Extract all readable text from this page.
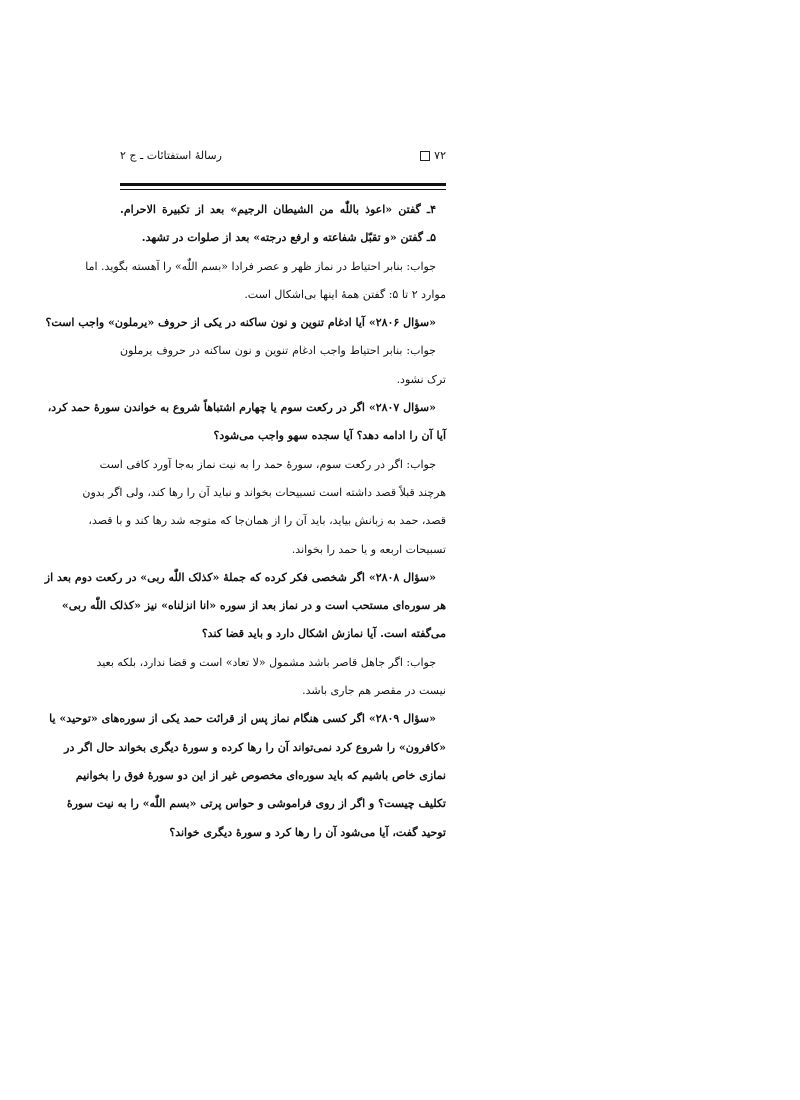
۷۲
رسالهٔ استفتائات ـ ج ۲
۴ـ گفتن «اعوذ باللّٰه من الشیطان الرجیم» بعد از تکبیرة الاحرام.
۵ـ گفتن «و تقبّل شفاعته و ارفع درجته» بعد از صلوات در تشهد.
جواب: بنابر احتیاط در نماز ظهر و عصر فرادا «بسم اللّٰه» را آهسته بگوید. اما
موارد ۲ تا ۵: گفتن همهٔ اینها بی‌اشکال است.
«سؤال ۲۸۰۶» آیا ادغام تنوین و نون ساکنه در یکی از حروف «یرملون» واجب است؟
جواب: بنابر احتیاط واجب ادغام تنوین و نون ساکنه در حروف یرملون
ترک نشود.
«سؤال ۲۸۰۷» اگر در رکعت سوم یا چهارم اشتباهاً شروع به خواندن سورهٔ حمد کرد،
آیا آن را ادامه دهد؟ آیا سجده سهو واجب می‌شود؟
جواب: اگر در رکعت سوم، سورهٔ حمد را به نیت نماز به‌جا آورد کافی است
هرچند قبلاً قصد داشته است تسبیحات بخواند و نباید آن را رها کند، ولی اگر بدون
قصد، حمد به زبانش بیاید، باید آن را از همان‌جا که متوجه شد رها کند و با قصد،
تسبیحات اربعه و یا حمد را بخواند.
«سؤال ۲۸۰۸» اگر شخصی فکر کرده که جملهٔ «کذلک اللّٰه ربی» در رکعت دوم بعد از
هر سوره‌ای مستحب است و در نماز بعد از سوره «انا انزلناه» نیز «کذلک اللّٰه ربی»
می‌گفته است. آیا نمازش اشکال دارد و باید قضا کند؟
جواب: اگر جاهل قاصر باشد مشمول «لا تعاد» است و قضا ندارد، بلکه بعید
نیست در مقصر هم جاری باشد.
«سؤال ۲۸۰۹» اگر کسی هنگام نماز پس از قرائت حمد یکی از سوره‌های «توحید» یا
«کافرون» را شروع کرد نمی‌تواند آن را رها کرده و سورهٔ دیگری بخواند حال اگر در
نمازی خاص باشیم که باید سوره‌ای مخصوص غیر از این دو سورهٔ فوق را بخوانیم
تکلیف چیست؟ و اگر از روی فراموشی و حواس پرتی «بسم اللّٰه» را به نیت سورهٔ
توحید گفت، آیا می‌شود آن را رها کرد و سورهٔ دیگری خواند؟
